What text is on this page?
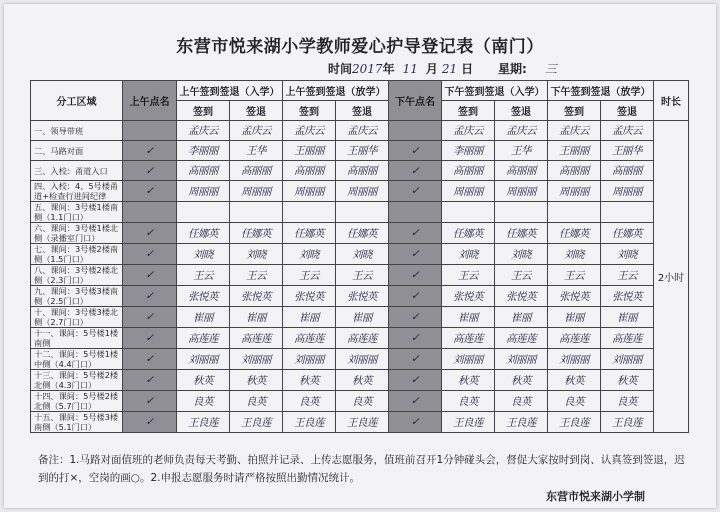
东营市悦来湖小学教师爱心护导登记表（南门）
时间2017年 11 月 21 日 星期: 三
分工区域	上午点名	上午签到签退（入学）		上午签到签退（放学）		下午点名	下午签到签退（入学）		下午签到签退（放学）		时长
		签到	签退	签到	签退		签到	签退	签到	签退	
一、领导带班		孟庆云	孟庆云	孟庆云	孟庆云		孟庆云	孟庆云	孟庆云	孟庆云	2小时
二、马路对面	✓	李丽丽	王华	王丽丽	王丽华	✓	李丽丽	王华	王丽丽	王丽华	
三、入校：甬道入口	✓	高丽丽	高丽丽	高丽丽	高丽丽	✓	高丽丽	高丽丽	高丽丽	高丽丽	
四、入校：4、5号楼甬道+检查行进间纪律	✓	周丽丽	周丽丽	周丽丽	周丽丽	✓	周丽丽	周丽丽	周丽丽	周丽丽	
五、课间：3号楼1楼南侧（1.1门口）											
六、课间：3号楼1楼北侧（录播室门口）	✓	任娜英	任娜英	任娜英	任娜英	✓	任娜英	任娜英	任娜英	任娜英	
七、课间：3号楼2楼南侧（1.5门口）	✓	刘晓	刘晓	刘晓	刘晓	✓	刘晓	刘晓	刘晓	刘晓	
八、课间：3号楼2楼北侧（2.3门口）	✓	王云	王云	王云	王云	✓	王云	王云	王云	王云	
九、课间：3号楼3楼南侧（2.5门口）	✓	张悦英	张悦英	张悦英	张悦英	✓	张悦英	张悦英	张悦英	张悦英	
十、课间：3号楼3楼北侧（2.7门口）	✓	崔丽	崔丽	崔丽	崔丽	✓	崔丽	崔丽	崔丽	崔丽	
十一、课间：5号楼1楼南侧	✓	高莲莲	高莲莲	高莲莲	高莲莲	✓	高莲莲	高莲莲	高莲莲	高莲莲	
十二、课间：5号楼1楼中侧（4.4门口）	✓	刘丽丽	刘丽丽	刘丽丽	刘丽丽	✓	刘丽丽	刘丽丽	刘丽丽	刘丽丽	
十三、课间：5号楼2楼北侧（4.3门口）	✓	秋英	秋英	秋英	秋英	✓	秋英	秋英	秋英	秋英	
十四、课间：5号楼2楼北侧（5.7门口）	✓	良英	良英	良英	良英	✓	良英	良英	良英	良英	
十五、课间：5号楼3楼南侧（5.1门口）	✓	王良莲	王良莲	王良莲	王良莲	✓	王良莲	王良莲	王良莲	王良莲	
备注：1.马路对面值班的老师负责每天考勤、拍照并记录、上传志愿服务，值班前召开1分钟碰头会，督促大家按时到岗、认真签到签退，迟到的打×，空岗的画○。2.申报志愿服务时请严格按照出勤情况统计。
东营市悦来湖小学制
